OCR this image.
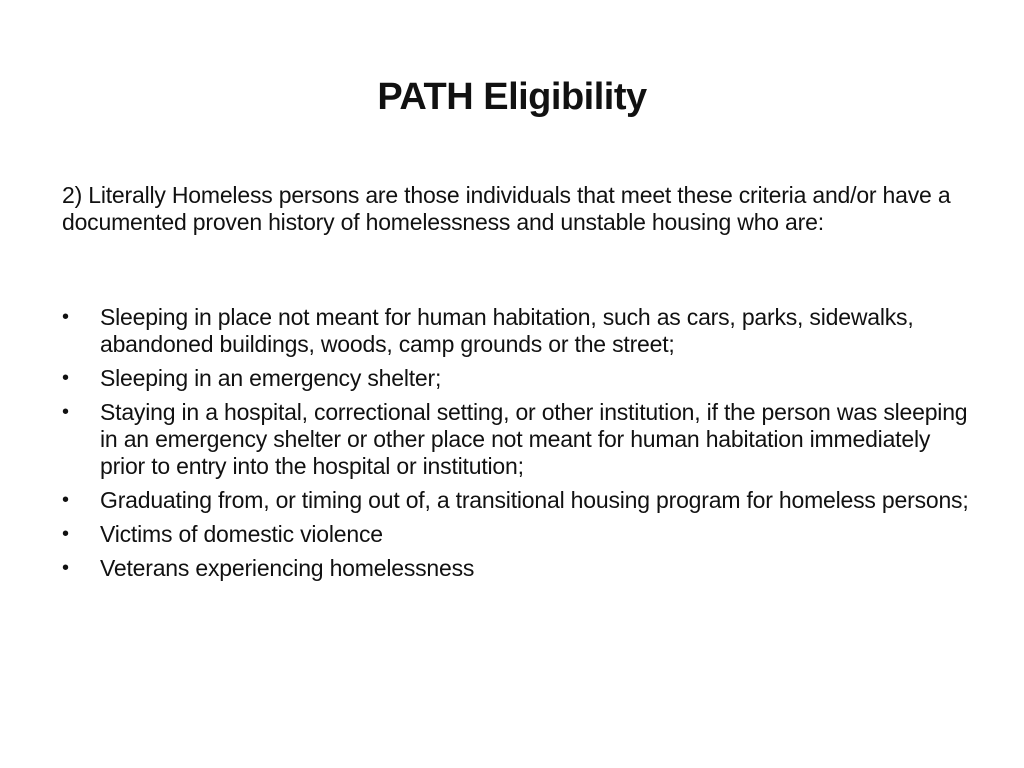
PATH Eligibility
2) Literally Homeless persons are those individuals that meet these criteria and/or have a documented proven history of homelessness and unstable housing who are:
•	Sleeping in place not meant for human habitation, such as cars, parks, sidewalks, abandoned buildings, woods, camp grounds or the street;
•	Sleeping in an emergency shelter;
•	Staying in a hospital, correctional setting, or other institution, if the person was sleeping in an emergency shelter or other place not meant for human habitation immediately prior to entry into the hospital or institution;
•	Graduating from, or timing out of, a transitional housing program for homeless persons;
•	Victims of domestic violence
•	Veterans experiencing homelessness
